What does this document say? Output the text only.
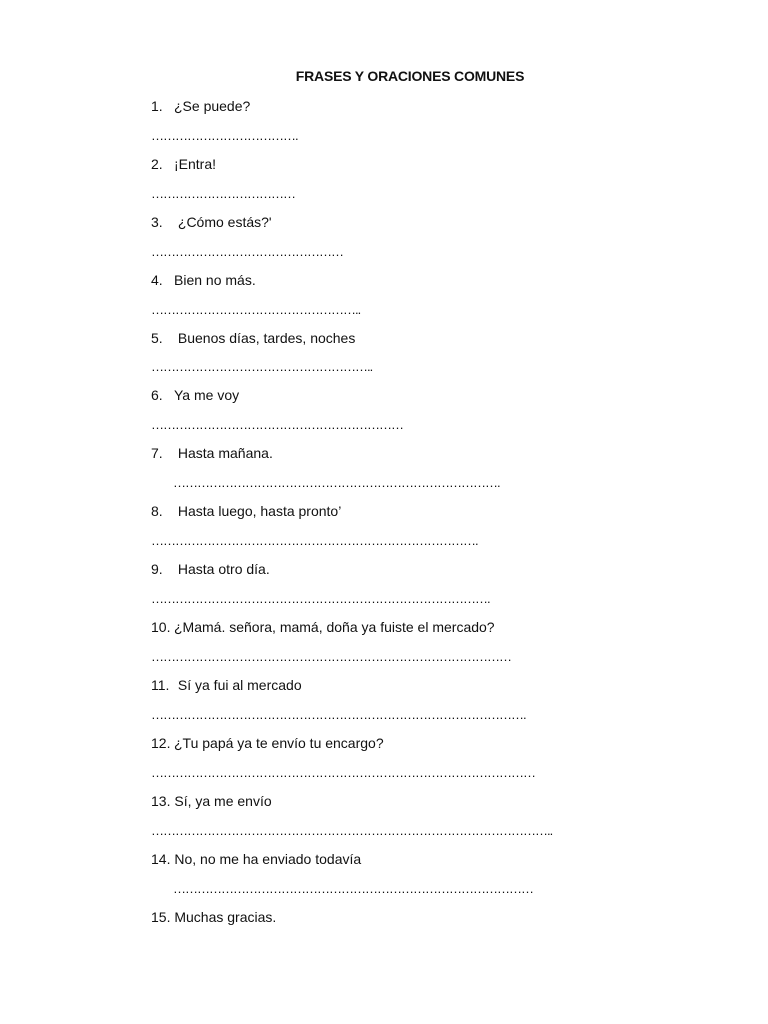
FRASES Y ORACIONES COMUNES
1. ¿Se puede?
……………………………….
2. ¡Entra!
………………………………
3. ¿Cómo estás?'
…………………………………………
4. Bien no más.
……………………………………………..
5. Buenos días, tardes, noches
………………………………………………..
6. Ya me voy
………………………………………………………
7. Hasta mañana.
……………………………………………………………………….
8. Hasta luego, hasta pronto’
……………………………………………………………………….
9. Hasta otro día.
………………………………………………………………………….
10. ¿Mamá. señora, mamá, doña ya fuiste el mercado?
………………………………………………………………………………
11. Sí ya fui al mercado
………………………………………………………………………………….
12. ¿Tu papá ya te envío tu encargo?
……………………………………………………………………………………
13. Sí, ya me envío
………………………………………………………………………………………..
14. No, no me ha enviado todavía
………………………………………………………………………………
15. Muchas gracias.
